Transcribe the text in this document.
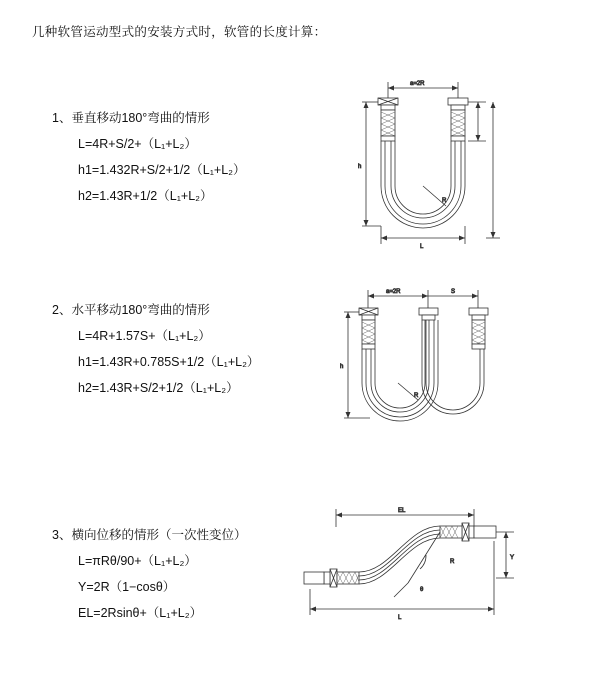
几种软管运动型式的安装方式时，软管的长度计算：
1、垂直移动180°弯曲的情形
L=4R+S/2+（L₁+L₂）
h1=1.432R+S/2+1/2（L₁+L₂）
h2=1.43R+1/2（L₁+L₂）
a=2R
R
L
h
2、水平移动180°弯曲的情形
L=4R+1.57S+（L₁+L₂）
h1=1.43R+0.785S+1/2（L₁+L₂）
h2=1.43R+S/2+1/2（L₁+L₂）
a=2R	S
R
h
3、横向位移的情形（一次性变位）
L=πRθ/90+（L₁+L₂）
Y=2R（1−cosθ）
EL=2Rsinθ+（L₁+L₂）
EL
θ
R
Y
L
